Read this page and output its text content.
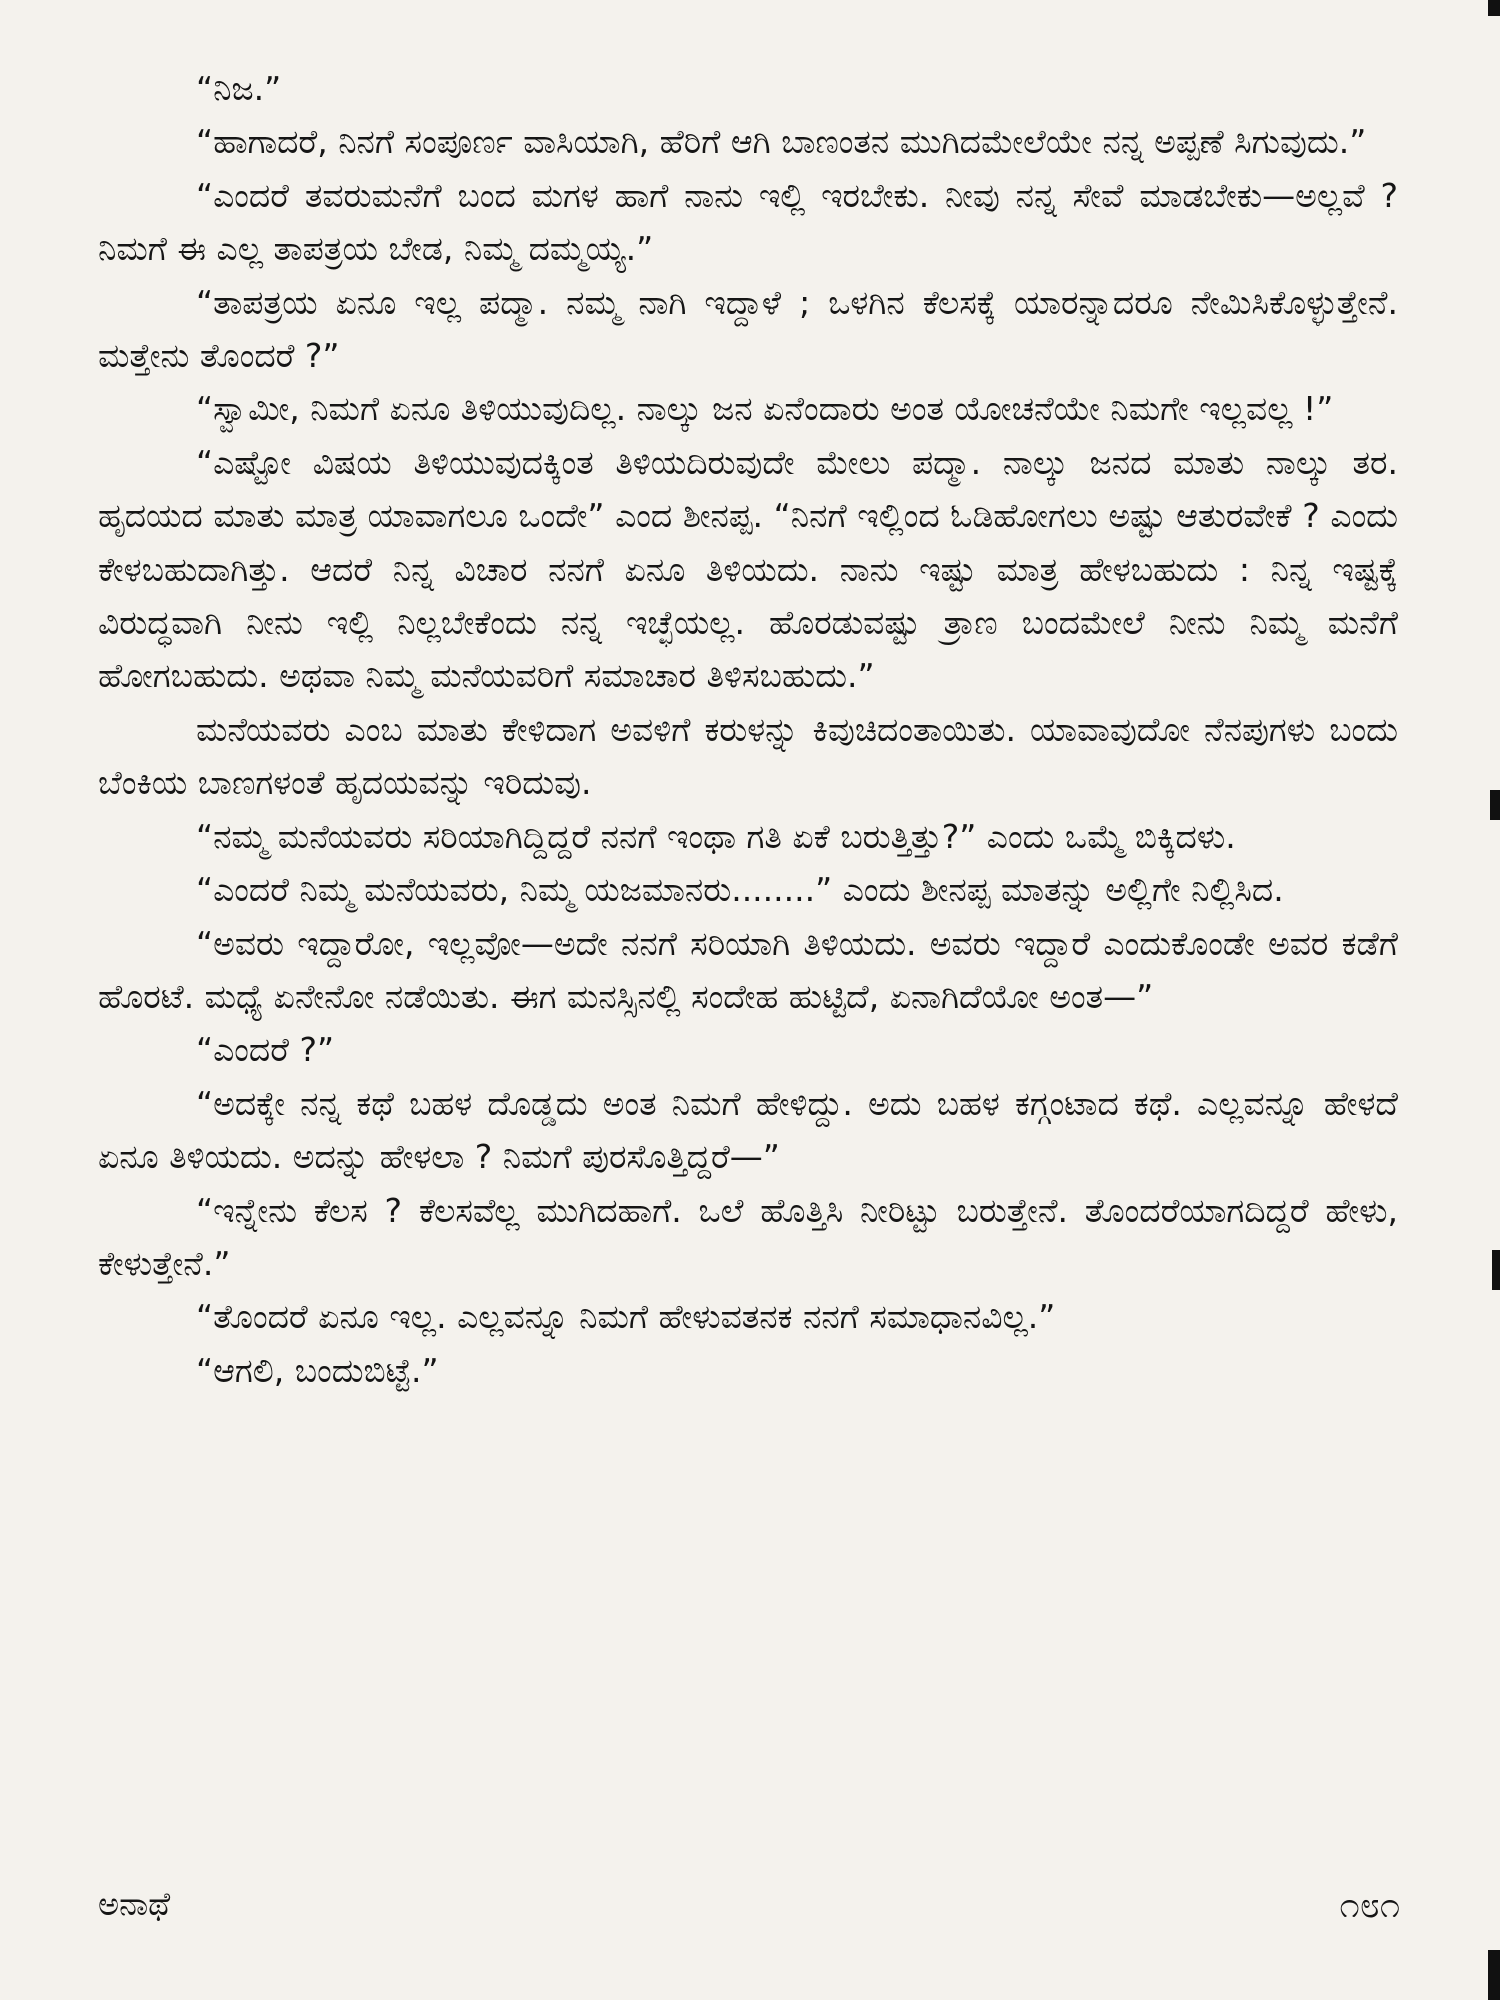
“ನಿಜ.”

“ಹಾಗಾದರೆ, ನಿನಗೆ ಸಂಪೂರ್ಣ ವಾಸಿಯಾಗಿ, ಹೆರಿಗೆ ಆಗಿ ಬಾಣಂತನ ಮುಗಿದಮೇಲೆಯೇ ನನ್ನ ಅಪ್ಪಣೆ ಸಿಗುವುದು.”

“ಎಂದರೆ ತವರುಮನೆಗೆ ಬಂದ ಮಗಳ ಹಾಗೆ ನಾನು ಇಲ್ಲಿ ಇರಬೇಕು. ನೀವು ನನ್ನ ಸೇವೆ ಮಾಡಬೇಕು—ಅಲ್ಲವೆ ? ನಿಮಗೆ ಈ ಎಲ್ಲ ತಾಪತ್ರಯ ಬೇಡ, ನಿಮ್ಮ ದಮ್ಮಯ್ಯ.”

“ತಾಪತ್ರಯ ಏನೂ ಇಲ್ಲ ಪದ್ಮಾ. ನಮ್ಮ ನಾಗಿ ಇದ್ದಾಳೆ ; ಒಳಗಿನ ಕೆಲಸಕ್ಕೆ ಯಾರನ್ನಾದರೂ ನೇಮಿಸಿಕೊಳ್ಳುತ್ತೇನೆ. ಮತ್ತೇನು ತೊಂದರೆ ?”

“ಸ್ವಾಮೀ, ನಿಮಗೆ ಏನೂ ತಿಳಿಯುವುದಿಲ್ಲ. ನಾಲ್ಕು ಜನ ಏನೆಂದಾರು ಅಂತ ಯೋಚನೆಯೇ ನಿಮಗೇ ಇಲ್ಲವಲ್ಲ !”

“ಎಷ್ಟೋ ವಿಷಯ ತಿಳಿಯುವುದಕ್ಕಿಂತ ತಿಳಿಯದಿರುವುದೇ ಮೇಲು ಪದ್ಮಾ. ನಾಲ್ಕು ಜನದ ಮಾತು ನಾಲ್ಕು ತರ. ಹೃದಯದ ಮಾತು ಮಾತ್ರ ಯಾವಾಗಲೂ ಒಂದೇ” ಎಂದ ಶೀನಪ್ಪ. “ನಿನಗೆ ಇಲ್ಲಿಂದ ಓಡಿಹೋಗಲು ಅಷ್ಟು ಆತುರವೇಕೆ ? ಎಂದು ಕೇಳಬಹುದಾಗಿತ್ತು. ಆದರೆ ನಿನ್ನ ವಿಚಾರ ನನಗೆ ಏನೂ ತಿಳಿಯದು. ನಾನು ಇಷ್ಟು ಮಾತ್ರ ಹೇಳಬಹುದು : ನಿನ್ನ ಇಷ್ಟಕ್ಕೆ ವಿರುದ್ಧವಾಗಿ ನೀನು ಇಲ್ಲಿ ನಿಲ್ಲಬೇಕೆಂದು ನನ್ನ ಇಚ್ಛೆಯಲ್ಲ. ಹೊರಡುವಷ್ಟು ತ್ರಾಣ ಬಂದಮೇಲೆ ನೀನು ನಿಮ್ಮ ಮನೆಗೆ ಹೋಗಬಹುದು. ಅಥವಾ ನಿಮ್ಮ ಮನೆಯವರಿಗೆ ಸಮಾಚಾರ ತಿಳಿಸಬಹುದು.”

ಮನೆಯವರು ಎಂಬ ಮಾತು ಕೇಳಿದಾಗ ಅವಳಿಗೆ ಕರುಳನ್ನು ಕಿವುಚಿದಂತಾಯಿತು. ಯಾವಾವುದೋ ನೆನಪುಗಳು ಬಂದು ಬೆಂಕಿಯ ಬಾಣಗಳಂತೆ ಹೃದಯವನ್ನು ಇರಿದುವು.

“ನಮ್ಮ ಮನೆಯವರು ಸರಿಯಾಗಿದ್ದಿದ್ದರೆ ನನಗೆ ಇಂಥಾ ಗತಿ ಏಕೆ ಬರುತ್ತಿತ್ತು?” ಎಂದು ಒಮ್ಮೆ ಬಿಕ್ಕಿದಳು.

“ಎಂದರೆ ನಿಮ್ಮ ಮನೆಯವರು, ನಿಮ್ಮ ಯಜಮಾನರು........” ಎಂದು ಶೀನಪ್ಪ ಮಾತನ್ನು ಅಲ್ಲಿಗೇ ನಿಲ್ಲಿಸಿದ.

“ಅವರು ಇದ್ದಾರೋ, ಇಲ್ಲವೋ—ಅದೇ ನನಗೆ ಸರಿಯಾಗಿ ತಿಳಿಯದು. ಅವರು ಇದ್ದಾರೆ ಎಂದುಕೊಂಡೇ ಅವರ ಕಡೆಗೆ ಹೊರಟೆ. ಮಧ್ಯೆ ಏನೇನೋ ನಡೆಯಿತು. ಈಗ ಮನಸ್ಸಿನಲ್ಲಿ ಸಂದೇಹ ಹುಟ್ಟಿದೆ, ಏನಾಗಿದೆಯೋ ಅಂತ—”

“ಎಂದರೆ ?”

“ಅದಕ್ಕೇ ನನ್ನ ಕಥೆ ಬಹಳ ದೊಡ್ಡದು ಅಂತ ನಿಮಗೆ ಹೇಳಿದ್ದು. ಅದು ಬಹಳ ಕಗ್ಗಂಟಾದ ಕಥೆ. ಎಲ್ಲವನ್ನೂ ಹೇಳದೆ ಏನೂ ತಿಳಿಯದು. ಅದನ್ನು ಹೇಳಲಾ ? ನಿಮಗೆ ಪುರಸೊತ್ತಿದ್ದರೆ—”

“ಇನ್ನೇನು ಕೆಲಸ ? ಕೆಲಸವೆಲ್ಲ ಮುಗಿದಹಾಗೆ. ಒಲೆ ಹೊತ್ತಿಸಿ ನೀರಿಟ್ಟು ಬರುತ್ತೇನೆ. ತೊಂದರೆಯಾಗದಿದ್ದರೆ ಹೇಳು, ಕೇಳುತ್ತೇನೆ.”

“ತೊಂದರೆ ಏನೂ ಇಲ್ಲ. ಎಲ್ಲವನ್ನೂ ನಿಮಗೆ ಹೇಳುವತನಕ ನನಗೆ ಸಮಾಧಾನವಿಲ್ಲ.”

“ಆಗಲಿ, ಬಂದುಬಿಟ್ಟೆ.”

ಅನಾಥೆ	೧೮೧
